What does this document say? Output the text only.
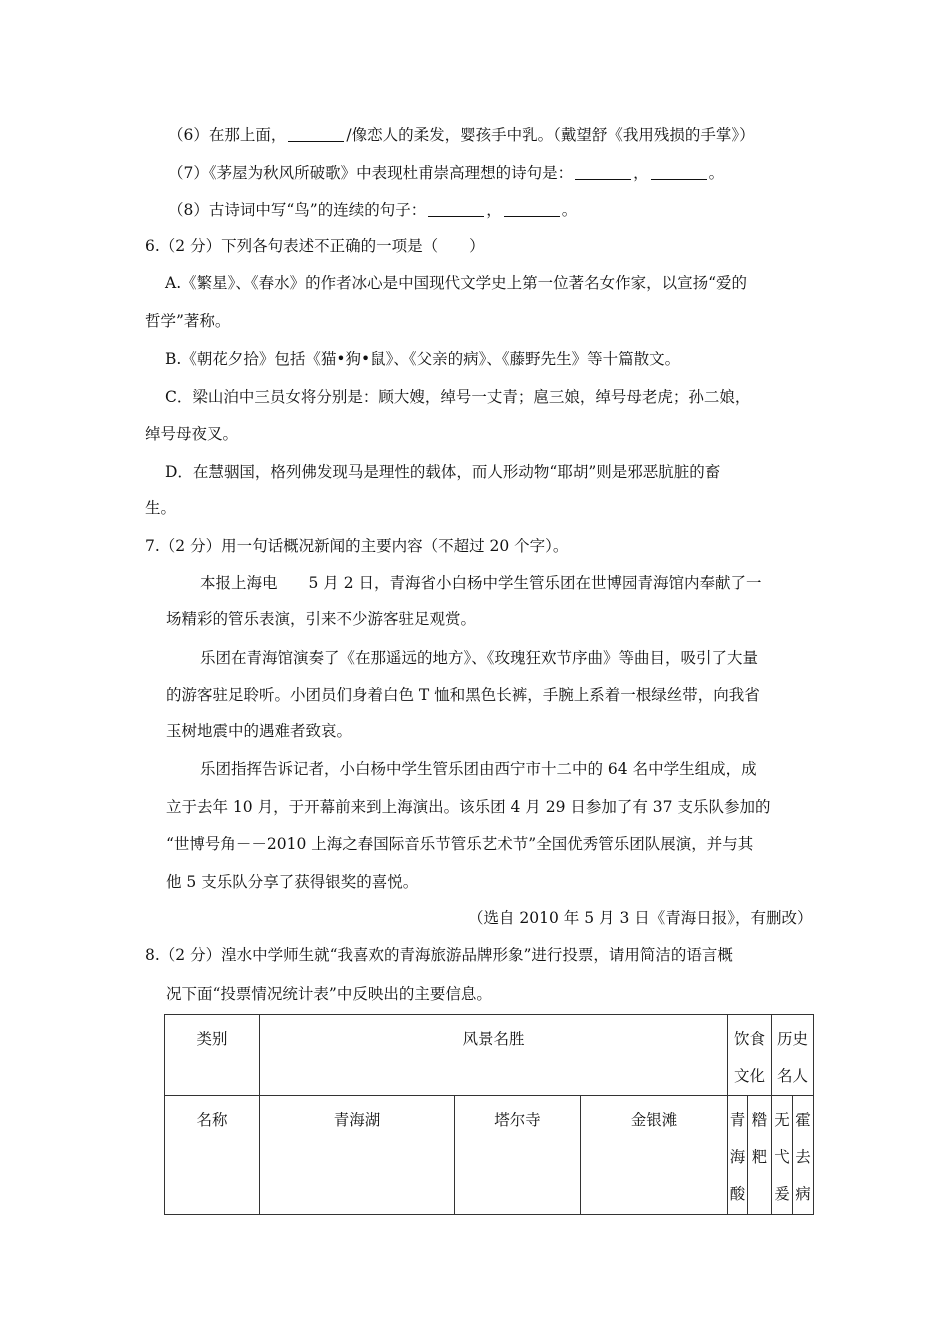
（6）在那上面，	/像恋人的柔发，婴孩手中乳。（戴望舒《我用残损的手掌》）
（7）《茅屋为秋风所破歌》中表现杜甫崇高理想的诗句是：	，	。
（8）古诗词中写“鸟”的连续的句子：	，	。
6.（2 分）下列各句表述不正确的一项是（　　）
A.《繁星》、《春水》的作者冰心是中国现代文学史上第一位著名女作家，以宣扬“爱的
哲学”著称。
B.《朝花夕拾》包括《猫•狗•鼠》、《父亲的病》、《藤野先生》等十篇散文。
C．梁山泊中三员女将分别是：顾大嫂，绰号一丈青；扈三娘，绰号母老虎；孙二娘，
绰号母夜叉。
D．在慧骃国，格列佛发现马是理性的载体，而人形动物“耶胡”则是邪恶肮脏的畜
生。
7.（2 分）用一句话概况新闻的主要内容（不超过 20 个字）。
本报上海电　　5 月 2 日，青海省小白杨中学生管乐团在世博园青海馆内奉献了一
场精彩的管乐表演，引来不少游客驻足观赏。
乐团在青海馆演奏了《在那遥远的地方》、《玫瑰狂欢节序曲》等曲目，吸引了大量
的游客驻足聆听。小团员们身着白色 T 恤和黑色长裤，手腕上系着一根绿丝带，向我省
玉树地震中的遇难者致哀。
乐团指挥告诉记者，小白杨中学生管乐团由西宁市十二中的 64 名中学生组成，成
立于去年 10 月，于开幕前来到上海演出。该乐团 4 月 29 日参加了有 37 支乐队参加的
“世博号角－－2010 上海之春国际音乐节管乐艺术节”全国优秀管乐团队展演，并与其
他 5 支乐队分享了获得银奖的喜悦。
（选自 2010 年 5 月 3 日《青海日报》，有删改）
8.（2 分）湟水中学师生就“我喜欢的青海旅游品牌形象”进行投票，请用简洁的语言概
况下面“投票情况统计表”中反映出的主要信息。
类别	风景名胜			饮食文化		历史名人	

名称	青海湖	塔尔寺	金银滩	青海酸	糌粑	无弋爰	霍去病
